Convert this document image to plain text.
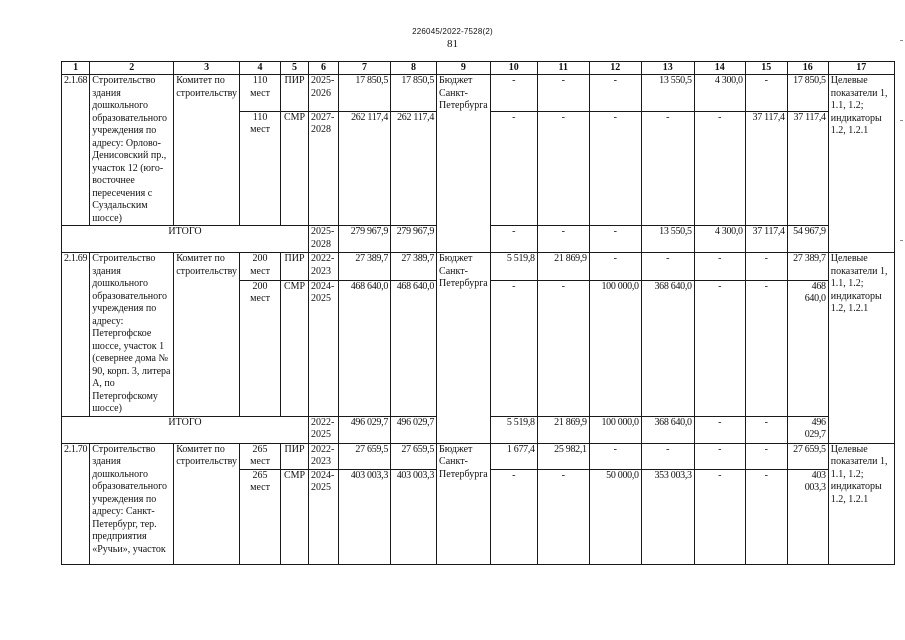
226045/2022-7528(2)
81
1	2	3	4	5	6	7	8	9	10	11	12	13	14	15	16	17
2.1.68	Строительство здания дошкольного образовательного учреждения по адресу: Орлово-Денисовский пр., участок 12 (юго-восточнее пересечения с Суздальским шоссе)	Комитет по строительству	110 мест	ПИР	2025-2026	17 850,5	17 850,5	Бюджет Санкт-Петербурга	-	-	-	13 550,5	4 300,0	-	17 850,5	Целевые показатели 1, 1.1, 1.2; индикаторы 1.2, 1.2.1
			110 мест	СМР	2027-2028	262 117,4	262 117,4		-	-	-	-	-	37 117,4	37 117,4	
ИТОГО					2025-2028	279 967,9	279 967,9		-	-	-	13 550,5	4 300,0	37 117,4	54 967,9	
2.1.69	Строительство здания дошкольного образовательного учреждения по адресу: Петергофское шоссе, участок 1 (севернее дома № 90, корп. 3, литера А, по Петергофскому шоссе)	Комитет по строительству	200 мест	ПИР	2022-2023	27 389,7	27 389,7	Бюджет Санкт-Петербурга	5 519,8	21 869,9	-	-	-	-	27 389,7	Целевые показатели 1, 1.1, 1.2; индикаторы 1.2, 1.2.1
			200 мест	СМР	2024-2025	468 640,0	468 640,0		-	-	100 000,0	368 640,0	-	-	468 640,0	
ИТОГО					2022-2025	496 029,7	496 029,7		5 519,8	21 869,9	100 000,0	368 640,0	-	-	496 029,7	
2.1.70	Строительство здания дошкольного образовательного учреждения по адресу: Санкт-Петербург, тер. предприятия «Ручьи», участок	Комитет по строительству	265 мест	ПИР	2022-2023	27 659,5	27 659,5	Бюджет Санкт-Петербурга	1 677,4	25 982,1	-	-	-	-	27 659,5	Целевые показатели 1, 1.1, 1.2; индикаторы 1.2, 1.2.1
			265 мест	СМР	2024-2025	403 003,3	403 003,3		-	-	50 000,0	353 003,3	-	-	403 003,3	
